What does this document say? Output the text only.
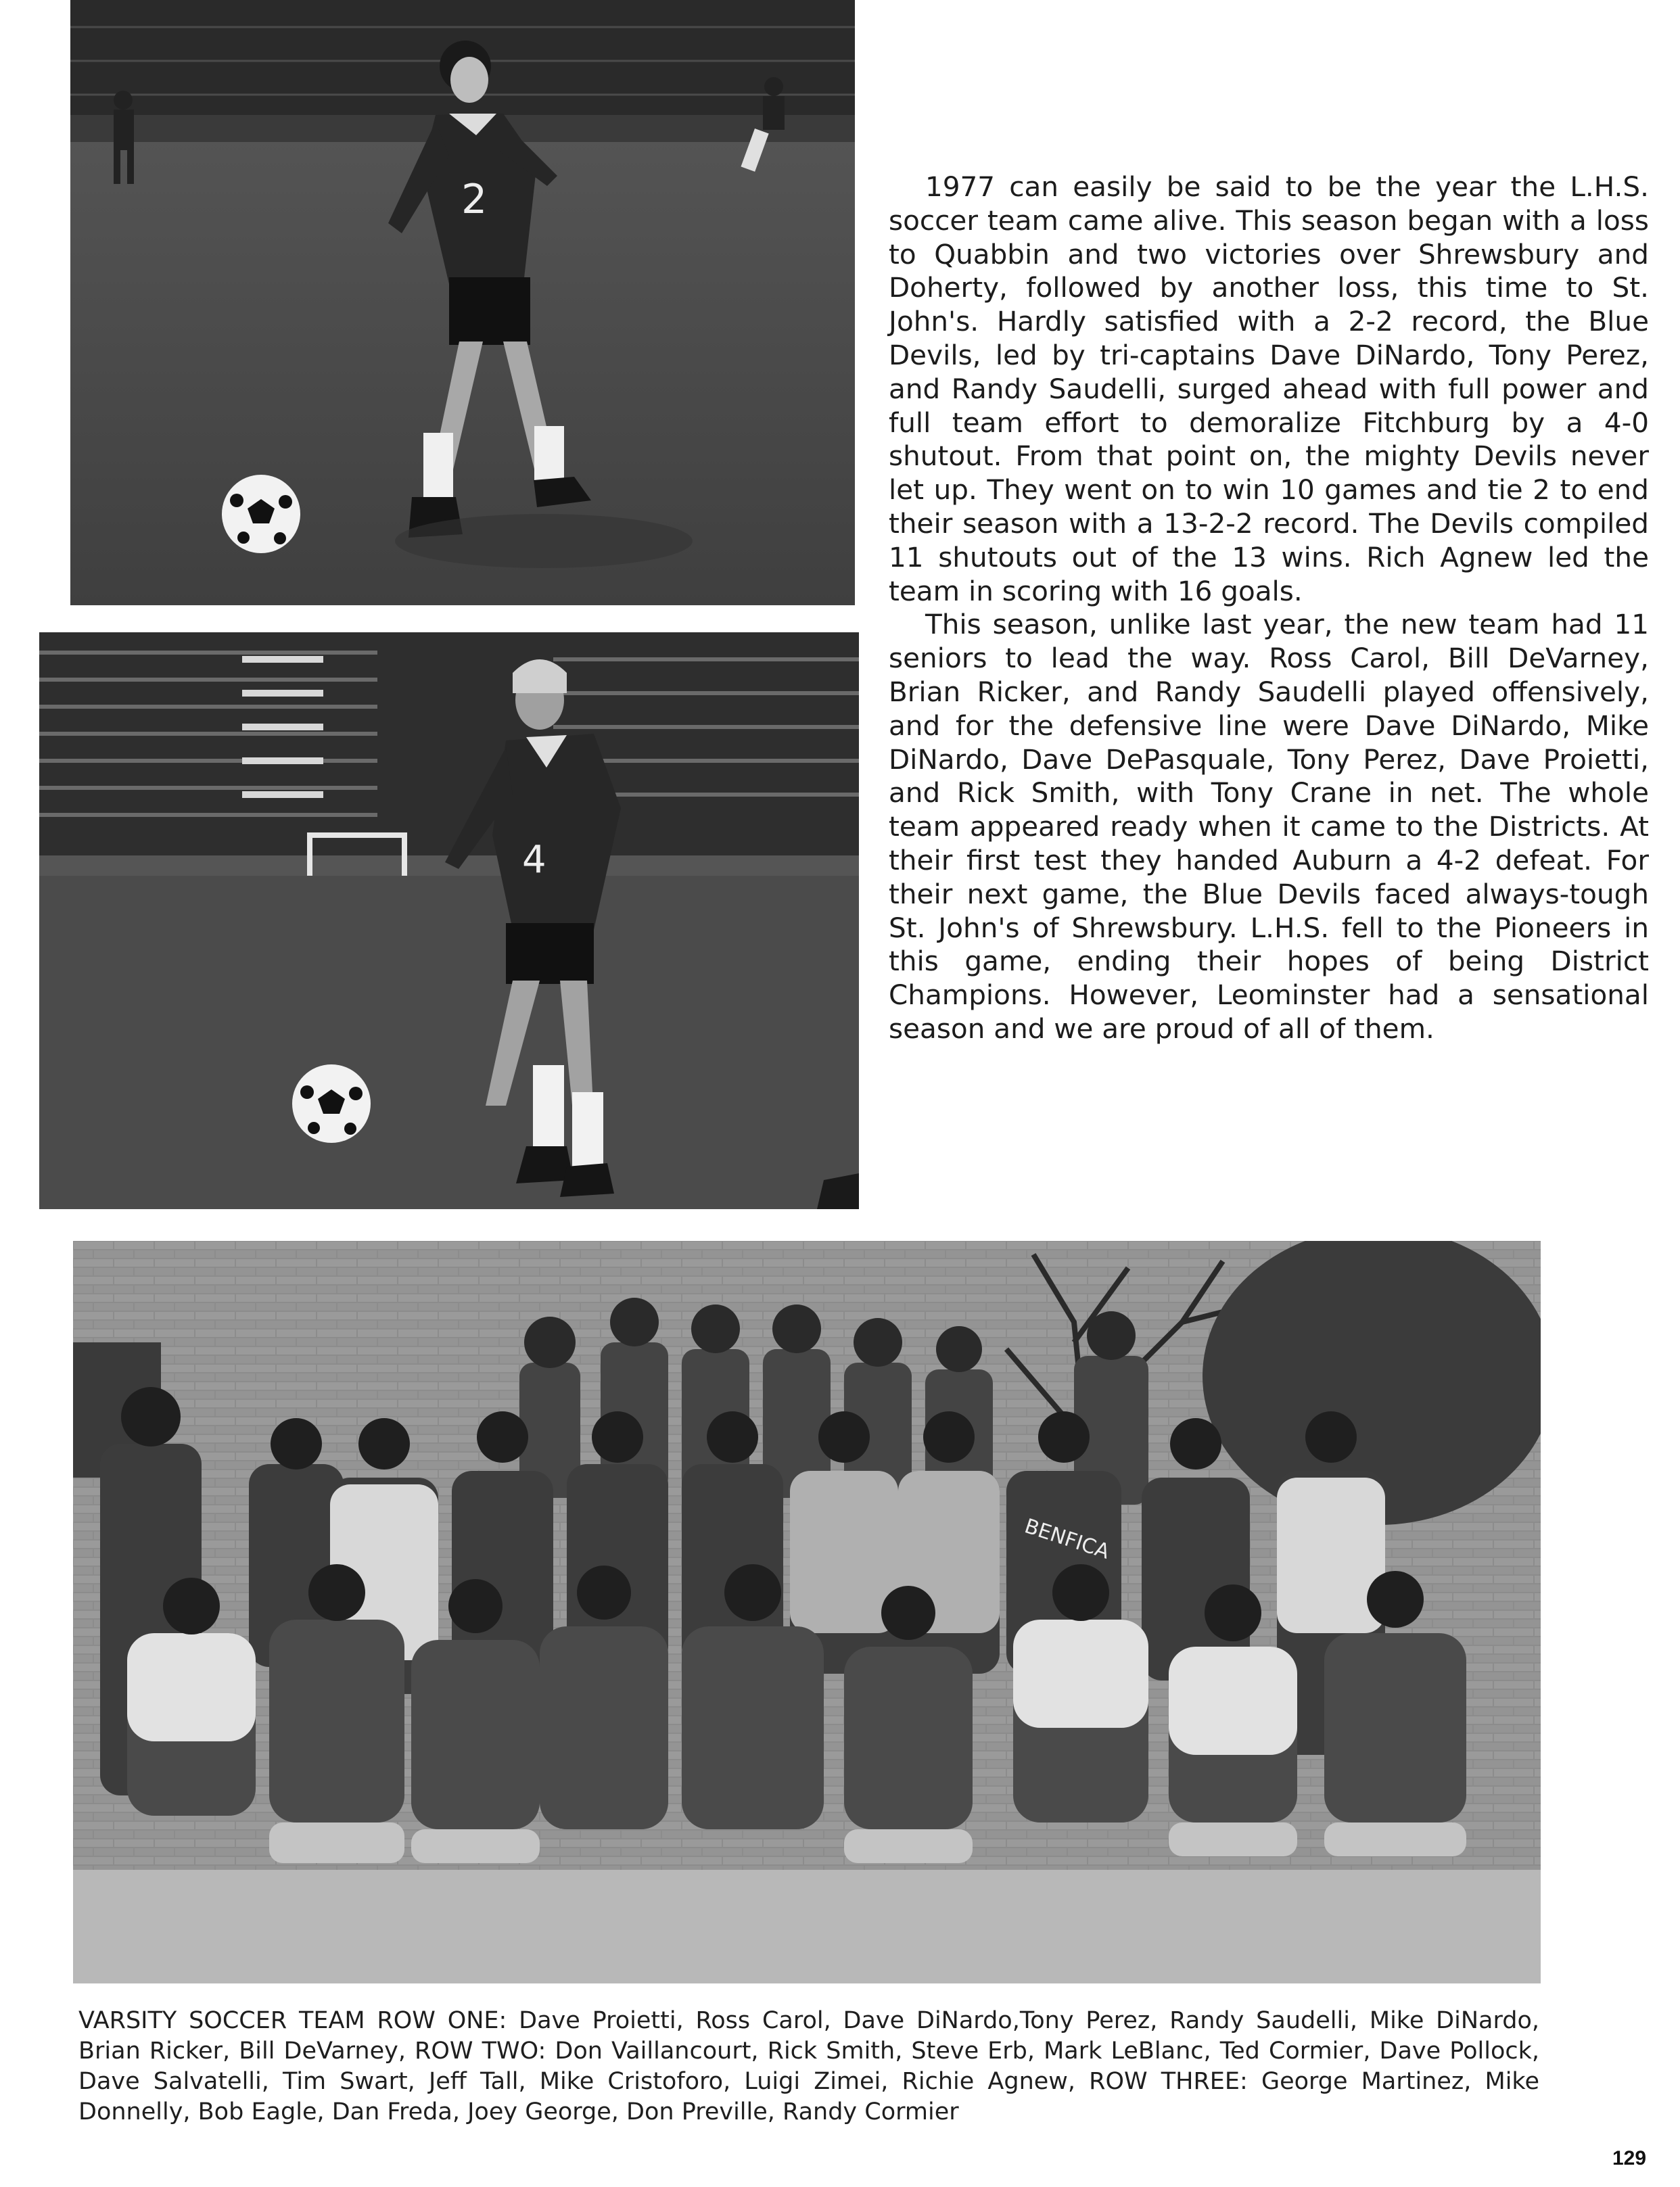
2
4

1977 can easily be said to be the year the L.H.S. soccer team came alive. This season began with a loss to Quabbin and two victories over Shrewsbury and Doherty, followed by another loss, this time to St. John's. Hardly satisfied with a 2-2 record, the Blue Devils, led by tri-captains Dave DiNardo, Tony Perez, and Randy Saudelli, surged ahead with full power and full team effort to demoralize Fitchburg by a 4-0 shutout. From that point on, the mighty Devils never let up. They went on to win 10 games and tie 2 to end their season with a 13-2-2 record. The Devils compiled 11 shutouts out of the 13 wins. Rich Agnew led the team in scoring with 16 goals.

This season, unlike last year, the new team had 11 seniors to lead the way. Ross Carol, Bill DeVarney, Brian Ricker, and Randy Saudelli played offensively, and for the defensive line were Dave DiNardo, Mike DiNardo, Dave DePasquale, Tony Perez, Dave Proietti, and Rick Smith, with Tony Crane in net. The whole team appeared ready when it came to the Districts. At their first test they handed Auburn a 4-2 defeat. For their next game, the Blue Devils faced always-tough St. John's of Shrewsbury. L.H.S. fell to the Pioneers in this game, ending their hopes of being District Champions. However, Leominster had a sensational season and we are proud of all of them.

BENFICA
VARSITY SOCCER TEAM ROW ONE: Dave Proietti, Ross Carol, Dave DiNardo,Tony Perez, Randy Saudelli, Mike DiNardo, Brian Ricker, Bill DeVarney, ROW TWO: Don Vaillancourt, Rick Smith, Steve Erb, Mark LeBlanc, Ted Cormier, Dave Pollock, Dave Salvatelli, Tim Swart, Jeff Tall, Mike Cristoforo, Luigi Zimei, Richie Agnew, ROW THREE: George Martinez, Mike Donnelly, Bob Eagle, Dan Freda, Joey George, Don Preville, Randy Cormier
129
